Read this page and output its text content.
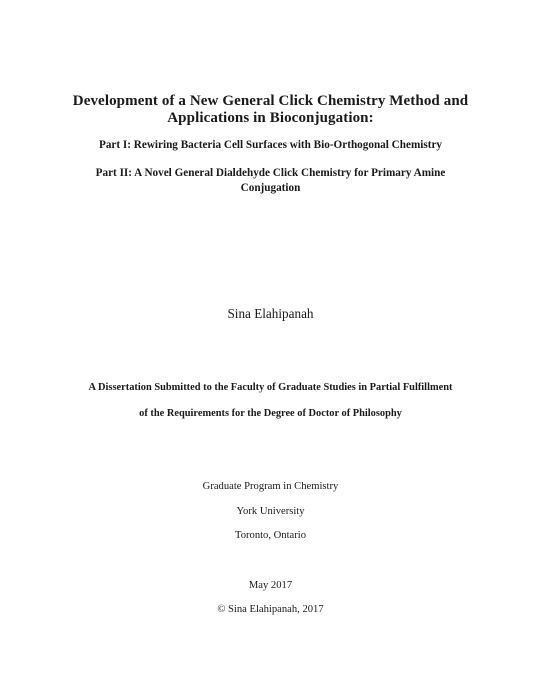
Development of a New General Click Chemistry Method and
Applications in Bioconjugation:
Part I: Rewiring Bacteria Cell Surfaces with Bio-Orthogonal Chemistry
Part II: A Novel General Dialdehyde Click Chemistry for Primary Amine
Conjugation
Sina Elahipanah
A Dissertation Submitted to the Faculty of Graduate Studies in Partial Fulfillment
of the Requirements for the Degree of Doctor of Philosophy
Graduate Program in Chemistry
York University
Toronto, Ontario
May 2017
© Sina Elahipanah, 2017
